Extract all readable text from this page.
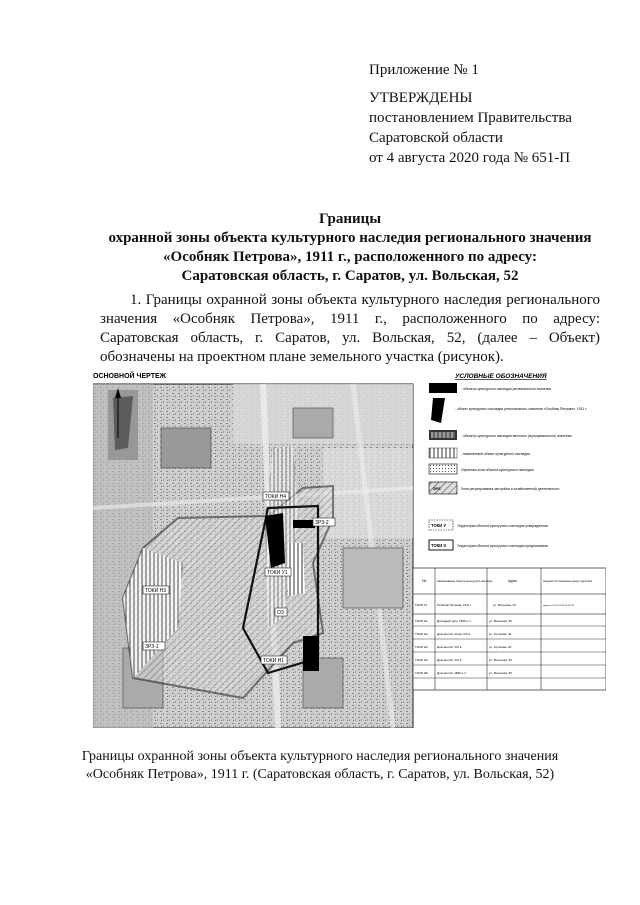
Приложение № 1
УТВЕРЖДЕНЫ
постановлением Правительства
Саратовской области
от 4 августа 2020 года № 651-П
Границы
охранной зоны объекта культурного наследия регионального значения
«Особняк Петрова», 1911 г., расположенного по адресу:
Саратовская область, г. Саратов, ул. Вольская, 52
1. Границы охранной зоны объекта культурного наследия регионального значения «Особняк Петрова», 1911 г., расположенного по адресу: Саратовская область, г. Саратов, ул. Вольская, 52, (далее – Объект) обозначены на проектном плане земельного участка (рисунок).
ОСНОВНОЙ ЧЕРТЕЖ
ТОКИ Н4
ЗРЗ-2
ТОКИ У1
ТОКИ Н3
ЗРЗ-1
ОЗ
ТОКИ Н1
УСЛОВНЫЕ ОБОЗНАЧЕНИЯ
- объекты культурного наследия регионального значения
- объект культурного наследия регионального значения «Особняк Петрова», 1911 г.
- объекты культурного наследия местного (муниципального) значения
- выявленный объект культурного наследия
Охранная зона объекта культурного наследия
ЗРЗ	Зона регулирования застройки и хозяйственной деятельности
ТОКИ У	Территория объекта культурного наследия утвержденная
ТОКИ II	Территория объекта культурного наследия предлагаемая
№	Наименование объекта культурного наследия	Адрес	Сведения об утверждении границ территории
ТОКИ У1	Особняк Петрова, 1911 г.	ул. Вольская, 52	приказ от 20.02.2016 № 08-ПР
ТОКИ Н1	Доходный дом, 1900-е гг.	ул. Вольская, 50
ТОКИ Н2	Дом жилой, конец XIX в.	ул. Кутякова, 40
ТОКИ Н3	Дом жилой, XIX в.	ул. Кутякова, 20
ТОКИ Н4	Дом жилой, XIX в.	ул. Вольская, 54
ТОКИ Н5	Дом жилой, 1890-е гг.	ул. Вольская, 56
Границы охранной зоны объекта культурного наследия регионального значения
«Особняк Петрова», 1911 г. (Саратовская область, г. Саратов, ул. Вольская, 52)
